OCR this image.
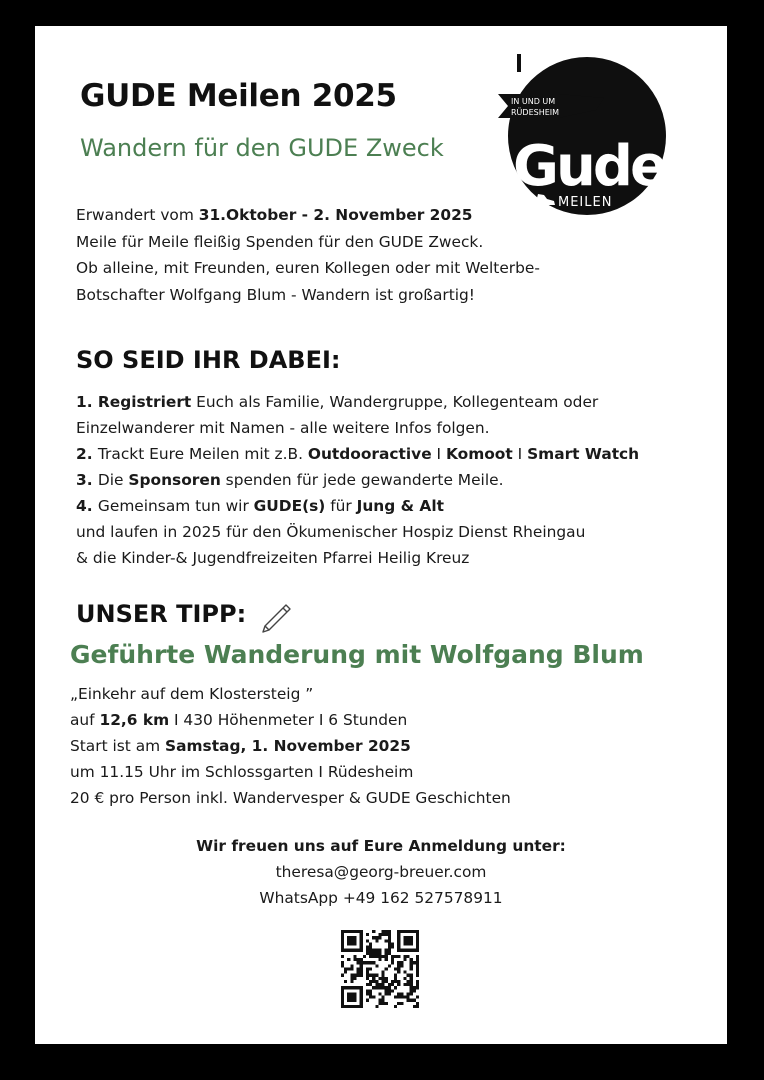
GUDE Meilen 2025
Wandern für den GUDE Zweck
IN UND UM
RÜDESHEIM
Gude
MEILEN
Erwandert vom 31.Oktober - 2. November 2025
Meile für Meile fleißig Spenden für den GUDE Zweck.
Ob alleine, mit Freunden, euren Kollegen oder mit Welterbe-
Botschafter Wolfgang Blum - Wandern ist großartig!
SO SEID IHR DABEI:
1. Registriert Euch als Familie, Wandergruppe, Kollegenteam oder
Einzelwanderer mit Namen - alle weitere Infos folgen.
2. Trackt Eure Meilen mit z.B. Outdooractive I Komoot I Smart Watch
3. Die Sponsoren spenden für jede gewanderte Meile.
4. Gemeinsam tun wir GUDE(s) für Jung & Alt
und laufen in 2025 für den Ökumenischer Hospiz Dienst Rheingau
& die Kinder-& Jugendfreizeiten Pfarrei Heilig Kreuz
UNSER TIPP:
Geführte Wanderung mit Wolfgang Blum
„Einkehr auf dem Klostersteig ”
auf 12,6 km I 430 Höhenmeter I 6 Stunden
Start ist am Samstag, 1. November 2025
um 11.15 Uhr im Schlossgarten I Rüdesheim
20 € pro Person inkl. Wandervesper & GUDE Geschichten
Wir freuen uns auf Eure Anmeldung unter:
theresa@georg-breuer.com
WhatsApp +49 162 527578911
